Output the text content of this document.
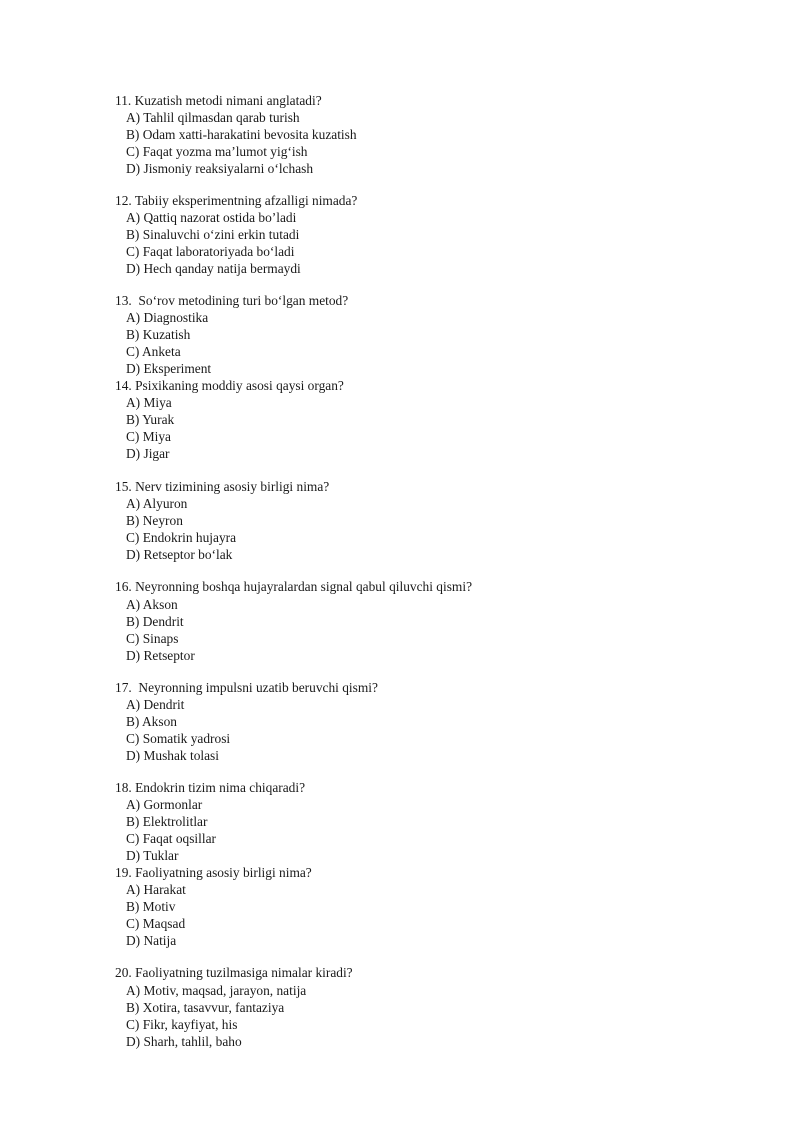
11. Kuzatish metodi nimani anglatadi?
A) Tahlil qilmasdan qarab turish
B) Odam xatti-harakatini bevosita kuzatish
C) Faqat yozma ma’lumot yig‘ish
D) Jismoniy reaksiyalarni o‘lchash
12. Tabiiy eksperimentning afzalligi nimada?
A) Qattiq nazorat ostida bo’ladi
B) Sinaluvchi o‘zini erkin tutadi
C) Faqat laboratoriyada bo‘ladi
D) Hech qanday natija bermaydi
13.  So‘rov metodining turi bo‘lgan metod?
A) Diagnostika
B) Kuzatish
C) Anketa
D) Eksperiment
14. Psixikaning moddiy asosi qaysi organ?
A) Miya
B) Yurak
C) Miya
D) Jigar
15. Nerv tizimining asosiy birligi nima?
A) Alyuron
B) Neyron
C) Endokrin hujayra
D) Retseptor bo‘lak
16. Neyronning boshqa hujayralardan signal qabul qiluvchi qismi?
A) Akson
B) Dendrit
C) Sinaps
D) Retseptor
17.  Neyronning impulsni uzatib beruvchi qismi?
A) Dendrit
B) Akson
C) Somatik yadrosi
D) Mushak tolasi
18. Endokrin tizim nima chiqaradi?
A) Gormonlar
B) Elektrolitlar
C) Faqat oqsillar
D) Tuklar
19. Faoliyatning asosiy birligi nima?
A) Harakat
B) Motiv
C) Maqsad
D) Natija
20. Faoliyatning tuzilmasiga nimalar kiradi?
A) Motiv, maqsad, jarayon, natija
B) Xotira, tasavvur, fantaziya
C) Fikr, kayfiyat, his
D) Sharh, tahlil, baho
